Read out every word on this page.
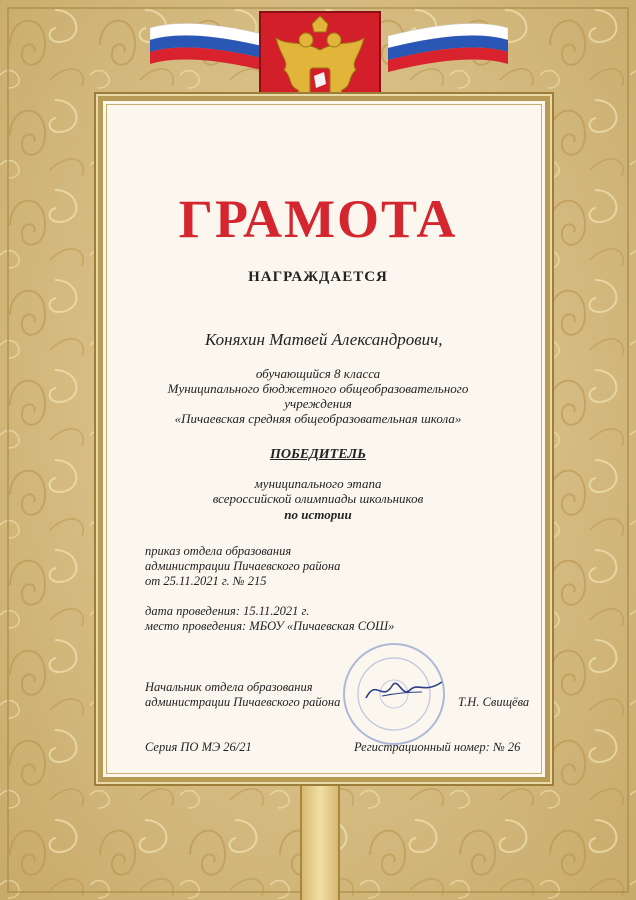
ГРАМОТА
НАГРАЖДАЕТСЯ
Коняхин Матвей Александрович,
обучающийся 8 класса
Муниципального бюджетного общеобразовательного
учреждения
«Пичаевская средняя общеобразовательная школа»
ПОБЕДИТЕЛЬ
муниципального этапа
всероссийской олимпиады школьников
по истории
приказ отдела образования
администрации Пичаевского района
от 25.11.2021 г. № 215
дата проведения: 15.11.2021 г.
место проведения: МБОУ «Пичаевская СОШ»
Начальник отдела образования
администрации Пичаевского района	Т.Н. Свищёва
Серия ПО МЭ 26/21	Регистрационный номер: № 26
